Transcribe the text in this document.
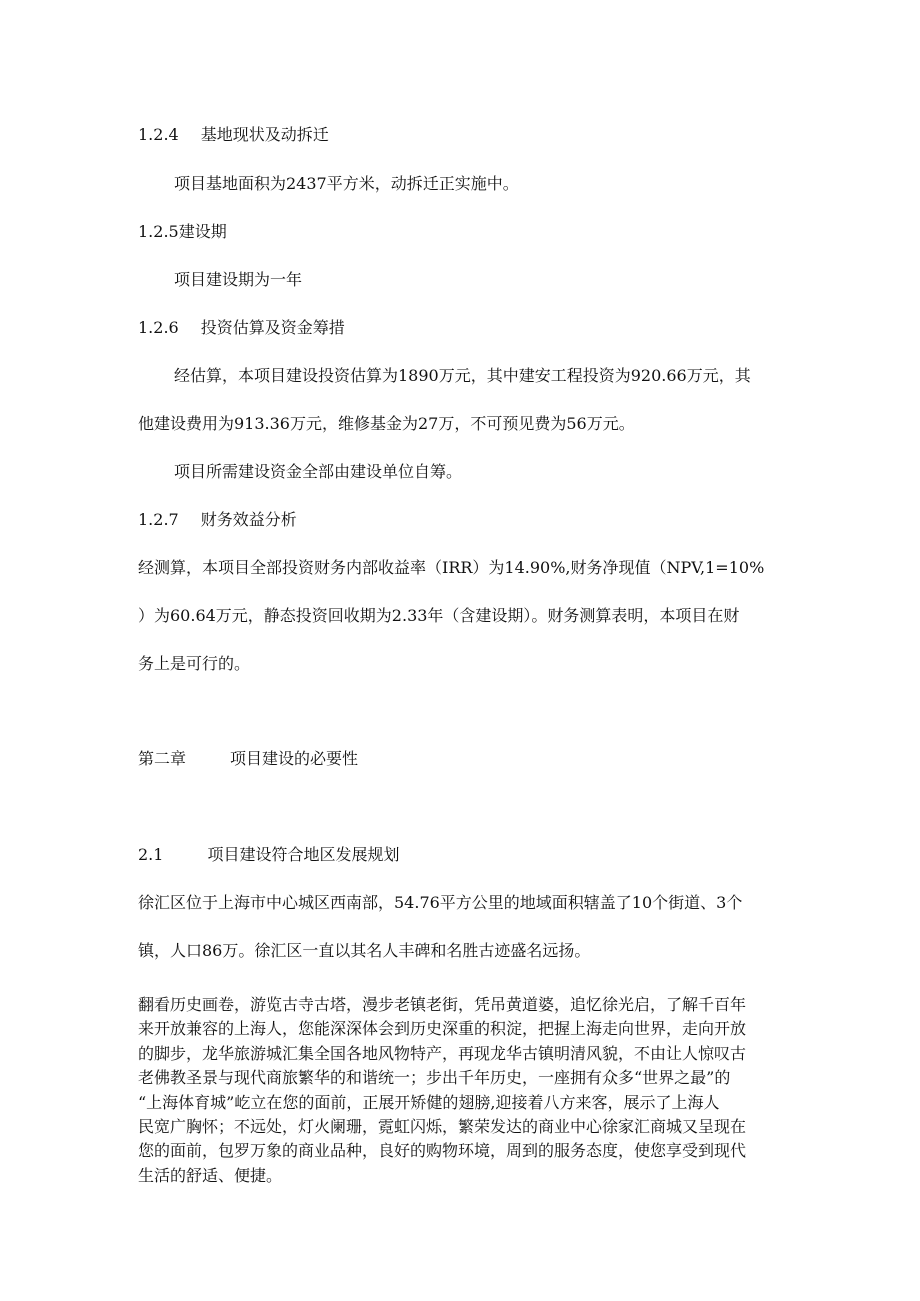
1.2.4 基地现状及动拆迁
项目基地面积为2437平方米，动拆迁正实施中。
1.2.5建设期
项目建设期为一年
1.2.6 投资估算及资金筹措
经估算，本项目建设投资估算为1890万元，其中建安工程投资为920.66万元，其
他建设费用为913.36万元，维修基金为27万，不可预见费为56万元。
项目所需建设资金全部由建设单位自筹。
1.2.7 财务效益分析
经测算，本项目全部投资财务内部收益率（IRR）为14.90%,财务净现值（NPV,1=10%
）为60.64万元，静态投资回收期为2.33年（含建设期）。财务测算表明，本项目在财
务上是可行的。
第二章	项目建设的必要性
2.1	项目建设符合地区发展规划
徐汇区位于上海市中心城区西南部，54.76平方公里的地域面积辖盖了10个街道、3个
镇，人口86万。徐汇区一直以其名人丰碑和名胜古迹盛名远扬。
翻看历史画卷，游览古寺古塔，漫步老镇老街，凭吊黄道婆，追忆徐光启，了解千百年
来开放兼容的上海人，您能深深体会到历史深重的积淀，把握上海走向世界，走向开放
的脚步，龙华旅游城汇集全国各地风物特产，再现龙华古镇明清风貌，不由让人惊叹古
老佛教圣景与现代商旅繁华的和谐统一；步出千年历史，一座拥有众多“世界之最”的
“上海体育城”屹立在您的面前，正展开矫健的翅膀,迎接着八方来客，展示了上海人
民宽广胸怀；不远处，灯火阑珊，霓虹闪烁，繁荣发达的商业中心徐家汇商城又呈现在
您的面前，包罗万象的商业品种，良好的购物环境，周到的服务态度，使您享受到现代
生活的舒适、便捷。
